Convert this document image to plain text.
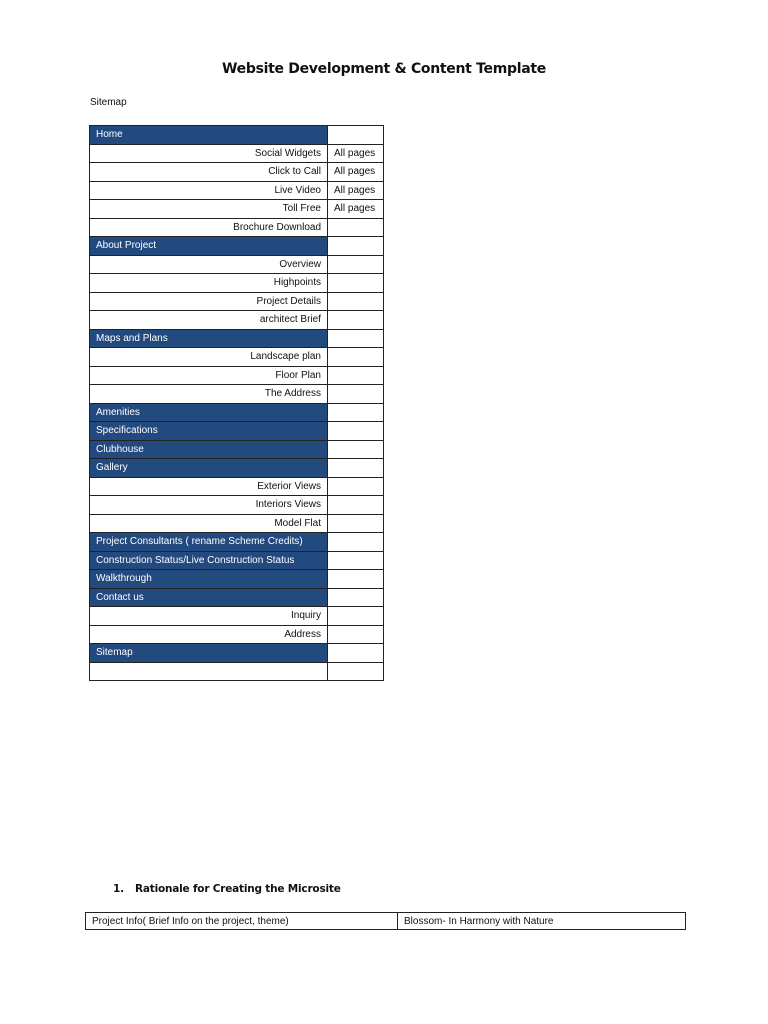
Website Development & Content Template
Sitemap
Home	
Social Widgets	All pages
Click to Call	All pages
Live Video	All pages
Toll Free	All pages
Brochure Download	
About Project	
Overview	
Highpoints	
Project Details	
architect Brief	
Maps and Plans	
Landscape plan	
Floor Plan	
The Address	
Amenities	
Specifications	
Clubhouse	
Gallery	
Exterior Views	
Interiors Views	
Model Flat	
Project Consultants ( rename Scheme Credits)	
Construction Status/Live Construction Status	
Walkthrough	
Contact us	
Inquiry	
Address	
Sitemap	

1. Rationale for Creating the Microsite
Project Info( Brief Info on the project, theme)	Blossom- In Harmony with Nature
